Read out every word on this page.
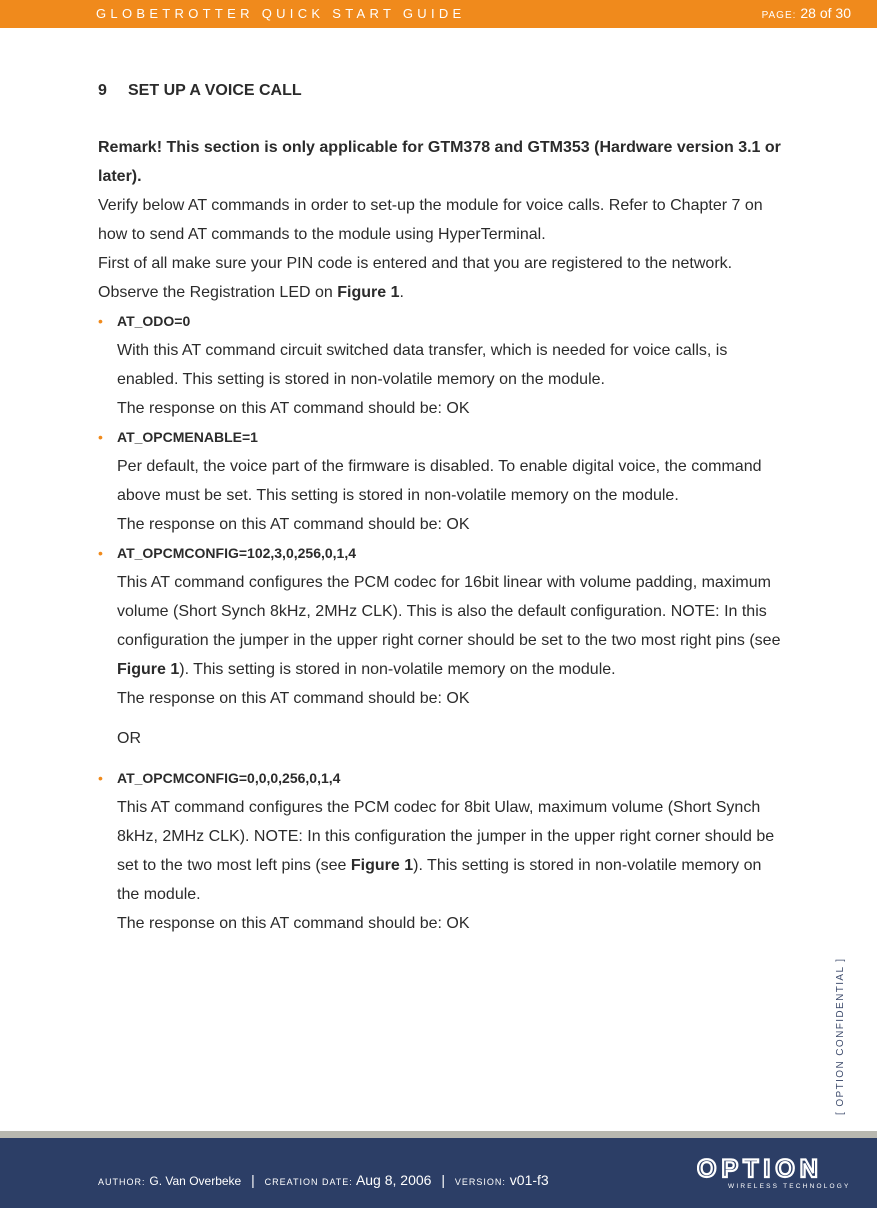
GLOBETROTTER QUICK START GUIDE	PAGE: 28 of 30
9 SET UP A VOICE CALL

Remark! This section is only applicable for GTM378 and GTM353 (Hardware version 3.1 or later).

Verify below AT commands in order to set-up the module for voice calls. Refer to Chapter 7 on how to send AT commands to the module using HyperTerminal.

First of all make sure your PIN code is entered and that you are registered to the network. Observe the Registration LED on Figure 1.

• AT_ODO=0

With this AT command circuit switched data transfer, which is needed for voice calls, is enabled. This setting is stored in non-volatile memory on the module.

The response on this AT command should be: OK

• AT_OPCMENABLE=1

Per default, the voice part of the firmware is disabled. To enable digital voice, the command above must be set. This setting is stored in non-volatile memory on the module.

The response on this AT command should be: OK

• AT_OPCMCONFIG=102,3,0,256,0,1,4

This AT command configures the PCM codec for 16bit linear with volume padding, maximum volume (Short Synch 8kHz, 2MHz CLK). This is also the default configuration. NOTE: In this configuration the jumper in the upper right corner should be set to the two most right pins (see Figure 1). This setting is stored in non-volatile memory on the module.

The response on this AT command should be: OK

OR

• AT_OPCMCONFIG=0,0,0,256,0,1,4

This AT command configures the PCM codec for 8bit Ulaw, maximum volume (Short Synch 8kHz, 2MHz CLK). NOTE: In this configuration the jumper in the upper right corner should be set to the two most left pins (see Figure 1). This setting is stored in non-volatile memory on the module.

The response on this AT command should be: OK

[ OPTION CONFIDENTIAL ]
AUTHOR: G. Van Overbeke | CREATION DATE: Aug 8, 2006 | VERSION: v01-f3	OPTION
WIRELESS TECHNOLOGY
